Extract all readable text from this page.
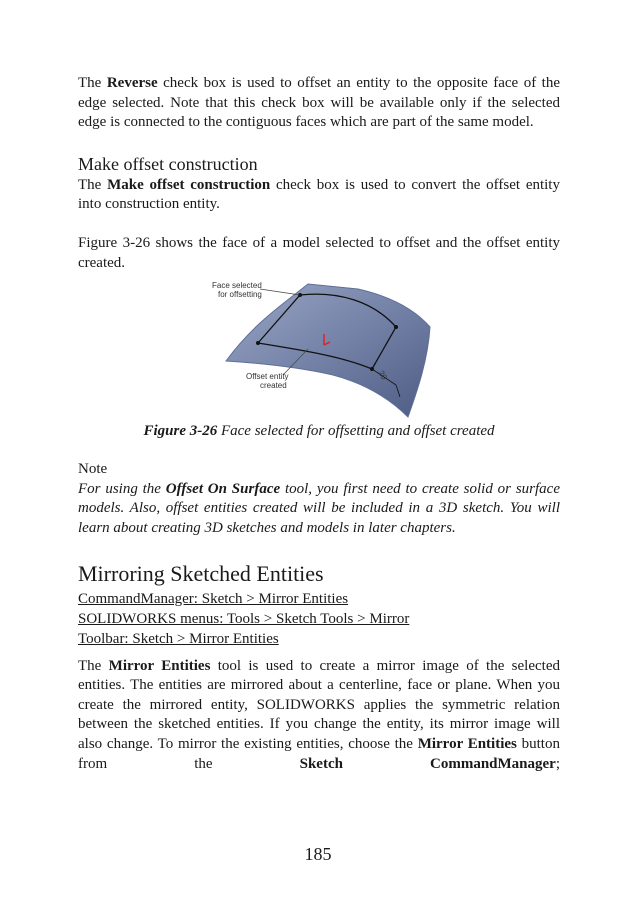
The Reverse check box is used to offset an entity to the opposite face of the edge selected. Note that this check box will be available only if the selected edge is connected to the contiguous faces which are part of the same model.

Make offset construction

The Make offset construction check box is used to convert the offset entity into construction entity.

Figure 3-26 shows the face of a model selected to offset and the offset entity created.

20
Face selected
for offsetting
Offset entity
created
Figure 3-26 Face selected for offsetting and offset created
Note

For using the Offset On Surface tool, you first need to create solid or surface models. Also, offset entities created will be included in a 3D sketch. You will learn about creating 3D sketches and models in later chapters.

Mirroring Sketched Entities
CommandManager: Sketch > Mirror Entities
SOLIDWORKS menus: Tools > Sketch Tools > Mirror
Toolbar: Sketch > Mirror Entities

The Mirror Entities tool is used to create a mirror image of the selected entities. The entities are mirrored about a centerline, face or plane. When you create the mirrored entity, SOLIDWORKS applies the symmetric relation between the sketched entities. If you change the entity, its mirror image will also change. To mirror the existing entities, choose the Mirror Entities button from the Sketch CommandManager;

185
